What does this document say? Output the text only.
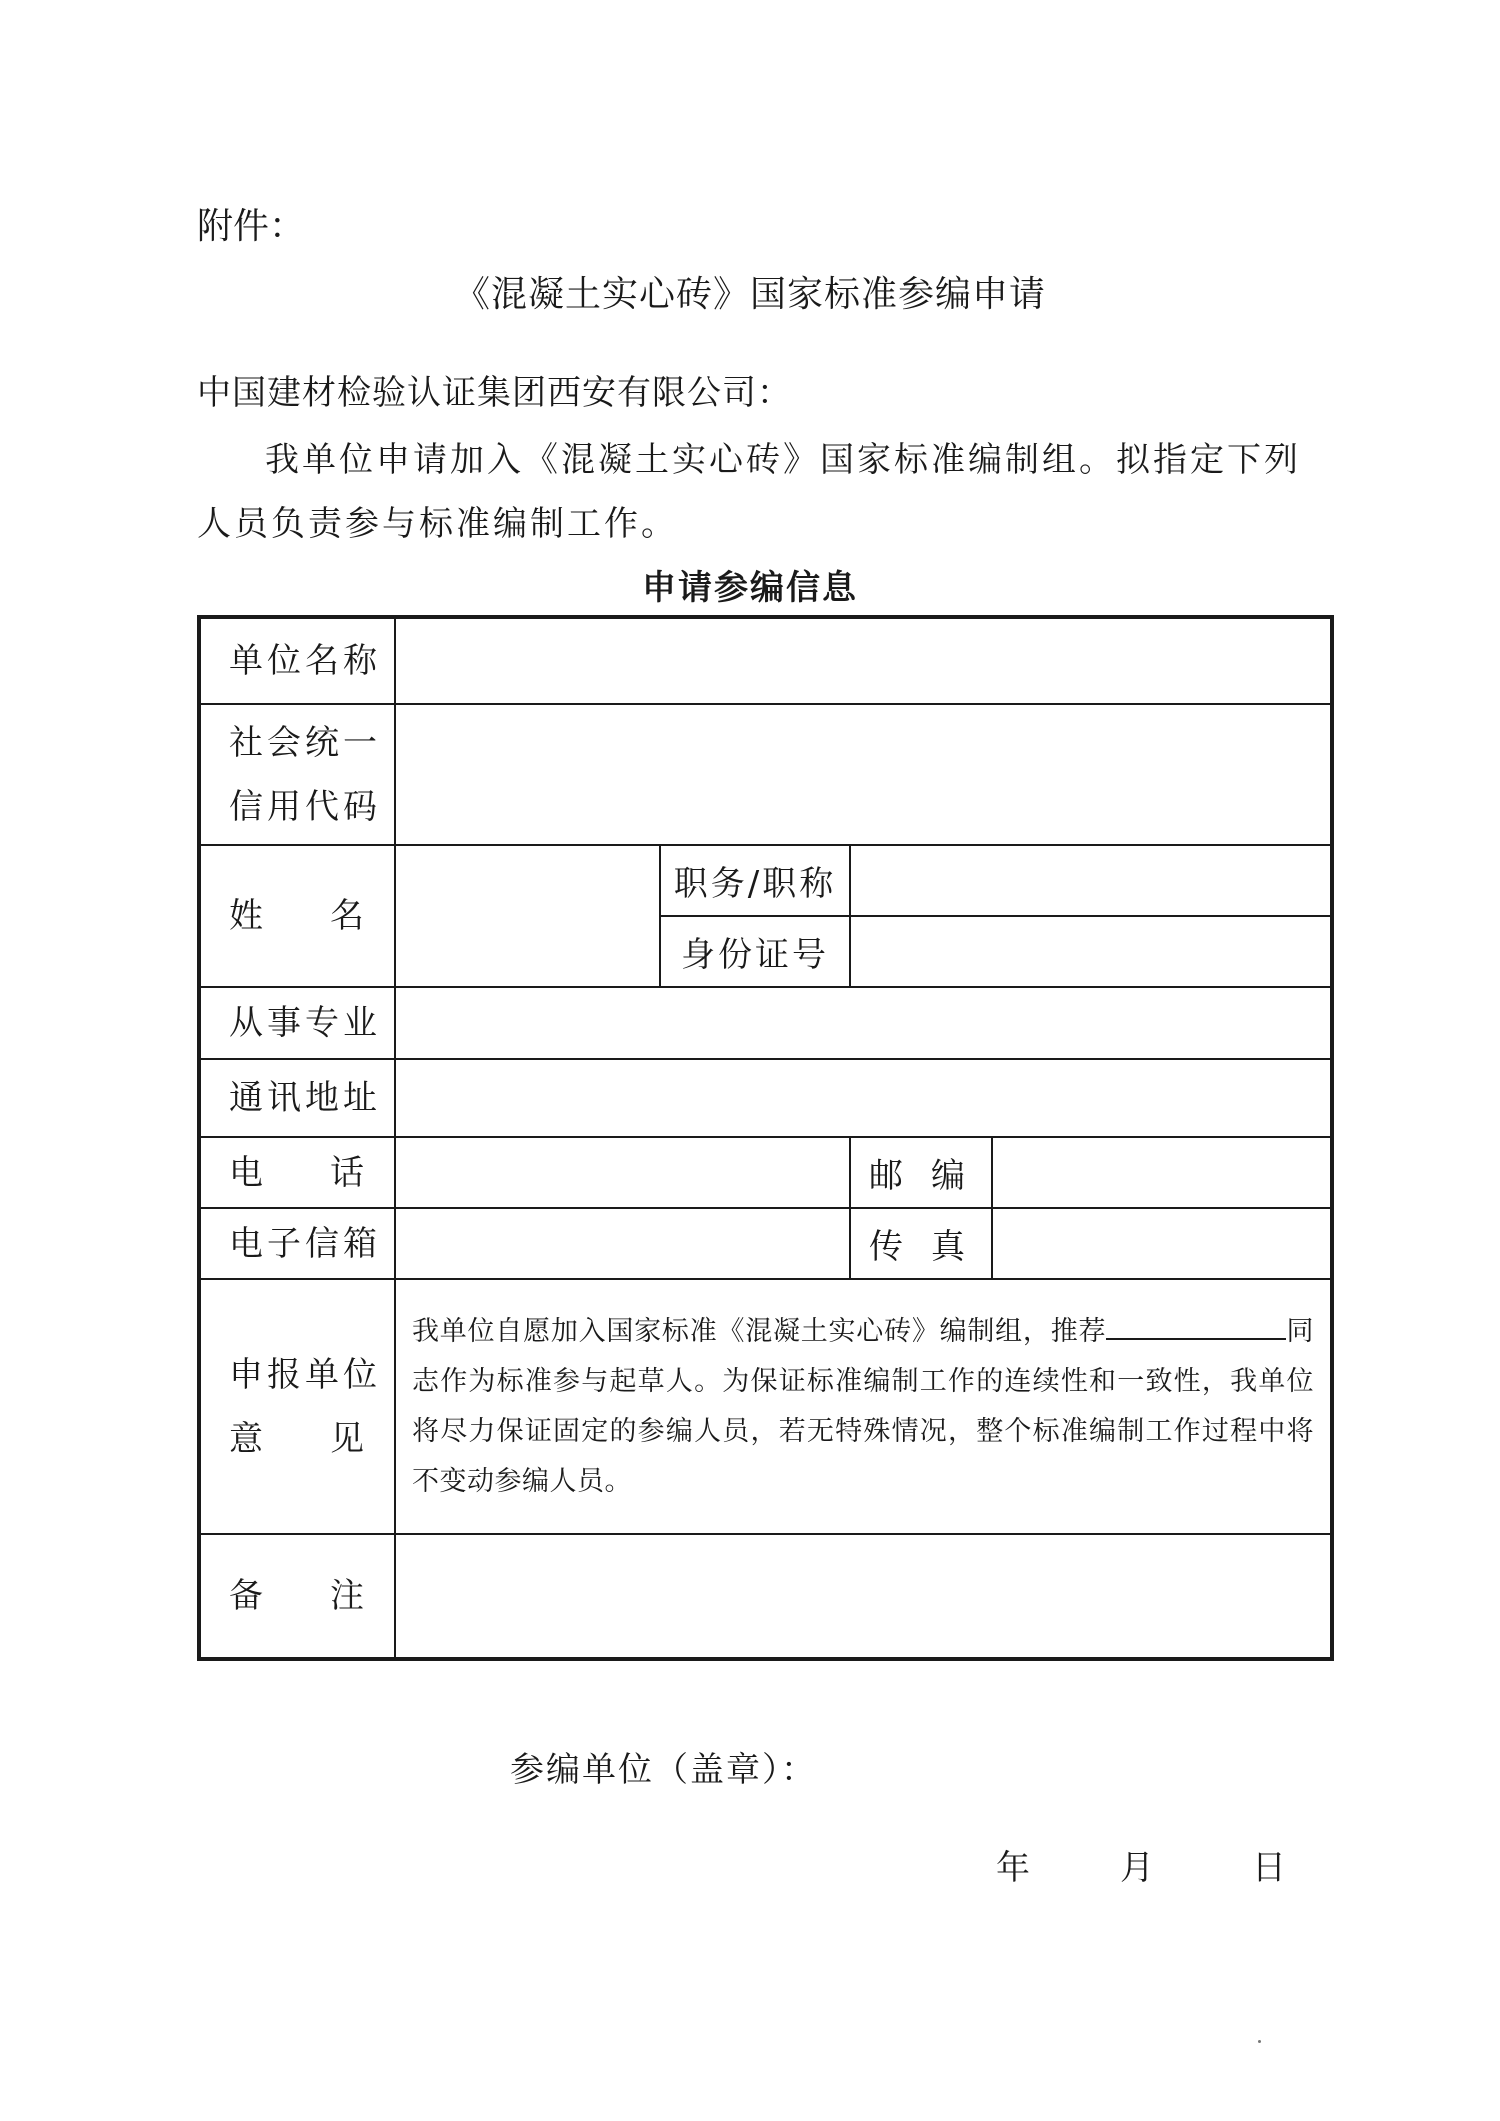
附件：
《混凝土实心砖》国家标准参编申请
中国建材检验认证集团西安有限公司：
我单位申请加入《混凝土实心砖》国家标准编制组。拟指定下列人员负责参与标准编制工作。
申请参编信息
单位名称				

社会统一
信用代码				

姓 名		职务/职称		
		身份证号		
从事专业				
通讯地址				

电 话			邮 编	

电子信箱			传 真	

申报单位
意 见	我单位自愿加入国家标准《混凝土实心砖》编制组，推荐 同志作为标准参与起草人。为保证标准编制工作的连续性和一致性，我单位将尽力保证固定的参编人员，若无特殊情况，整个标准编制工作过程中将不变动参编人员。			

备 注				

参编单位（盖章）：
年	月	日
